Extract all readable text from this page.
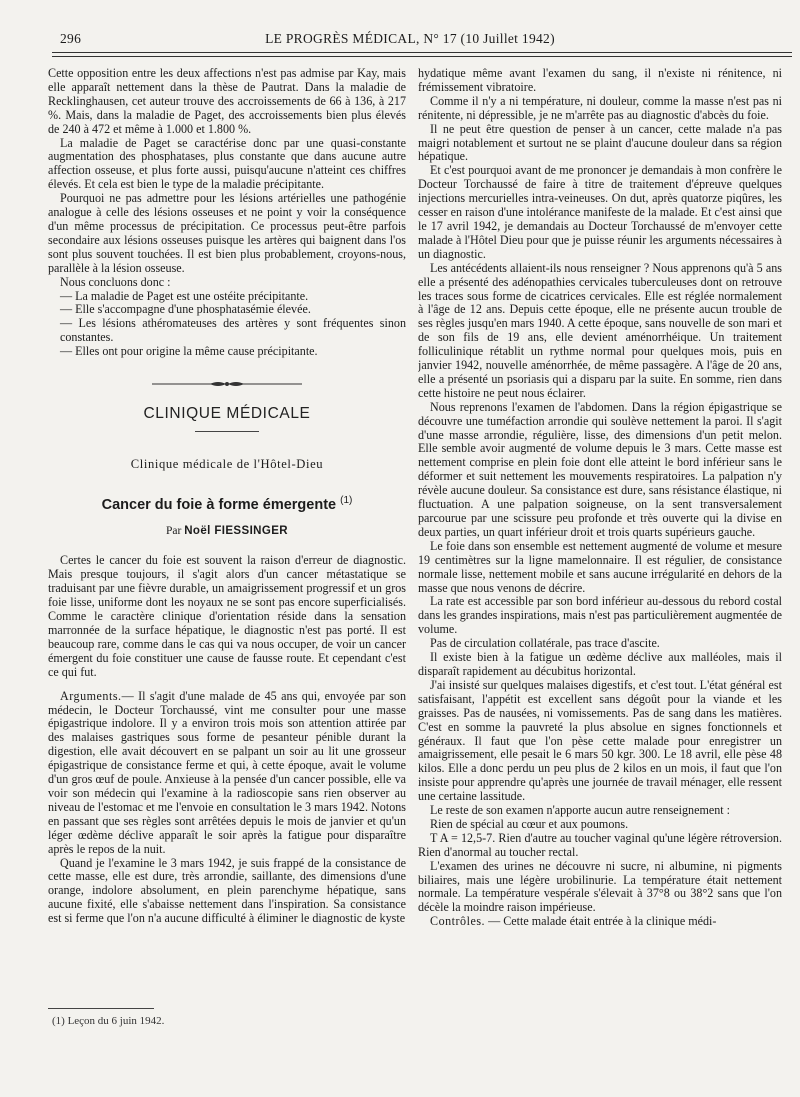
296	LE PROGRÈS MÉDICAL, N° 17 (10 Juillet 1942)

Cette opposition entre les deux affections n'est pas admise par Kay, mais elle apparaît nettement dans la thèse de Pautrat. Dans la maladie de Recklinghausen, cet auteur trouve des accroissements de 66 à 136, à 217 %. Mais, dans la maladie de Paget, des accroissements bien plus élevés de 240 à 472 et même à 1.000 et 1.800 %.

La maladie de Paget se caractérise donc par une quasi-constante augmentation des phosphatases, plus constante que dans aucune autre affection osseuse, et plus forte aussi, puisqu'aucune n'atteint ces chiffres élevés. Et cela est bien le type de la maladie précipitante.

Pourquoi ne pas admettre pour les lésions artérielles une pathogénie analogue à celle des lésions osseuses et ne point y voir la conséquence d'un même processus de précipitation. Ce processus peut-être parfois secondaire aux lésions osseuses puisque les artères qui baignent dans l'os sont plus souvent touchées. Il est bien plus probablement, croyons-nous, parallèle à la lésion osseuse.

Nous concluons donc :

— La maladie de Paget est une ostéite précipitante.

— Elle s'accompagne d'une phosphatasémie élevée.

— Les lésions athéromateuses des artères y sont fréquentes sinon constantes.

— Elles ont pour origine la même cause précipitante.

CLINIQUE MÉDICALE
Clinique médicale de l'Hôtel-Dieu
Cancer du foie à forme émergente $^{(1)}$
Par Noël FIESSINGER

Certes le cancer du foie est souvent la raison d'erreur de diagnostic. Mais presque toujours, il s'agit alors d'un cancer métastatique se traduisant par une fièvre durable, un amaigrissement progressif et un gros foie lisse, uniforme dont les noyaux ne se sont pas encore superficialisés. Comme le caractère clinique d'orientation réside dans la sensation marronnée de la surface hépatique, le diagnostic n'est pas porté. Il est beaucoup rare, comme dans le cas qui va nous occuper, de voir un cancer émergent du foie constituer une cause de fausse route. Et cependant c'est ce qui fut.

Arguments.— Il s'agit d'une malade de 45 ans qui, envoyée par son médecin, le Docteur Torchaussé, vint me consulter pour une masse épigastrique indolore. Il y a environ trois mois son attention attirée par des malaises gastriques sous forme de pesanteur pénible durant la digestion, elle avait découvert en se palpant un soir au lit une grosseur épigastrique de consistance ferme et qui, à cette époque, avait le volume d'un gros œuf de poule. Anxieuse à la pensée d'un cancer possible, elle va voir son médecin qui l'examine à la radioscopie sans rien observer au niveau de l'estomac et me l'envoie en consultation le 3 mars 1942. Notons en passant que ses règles sont arrêtées depuis le mois de janvier et qu'un léger œdème déclive apparaît le soir après la fatigue pour disparaître après le repos de la nuit.

Quand je l'examine le 3 mars 1942, je suis frappé de la consistance de cette masse, elle est dure, très arrondie, saillante, des dimensions d'une orange, indolore absolument, en plein parenchyme hépatique, sans aucune fixité, elle s'abaisse nettement dans l'inspiration. Sa consistance est si ferme que l'on n'a aucune difficulté à éliminer le diagnostic de kyste

hydatique même avant l'examen du sang, il n'existe ni rénitence, ni frémissement vibratoire.

Comme il n'y a ni température, ni douleur, comme la masse n'est pas ni rénitente, ni dépressible, je ne m'arrête pas au diagnostic d'abcès du foie.

Il ne peut être question de penser à un cancer, cette malade n'a pas maigri notablement et surtout ne se plaint d'aucune douleur dans sa région hépatique.

Et c'est pourquoi avant de me prononcer je demandais à mon confrère le Docteur Torchaussé de faire à titre de traitement d'épreuve quelques injections mercurielles intra-veineuses. On dut, après quatorze piqûres, les cesser en raison d'une intolérance manifeste de la malade. Et c'est ainsi que le 17 avril 1942, je demandais au Docteur Torchaussé de m'envoyer cette malade à l'Hôtel Dieu pour que je puisse réunir les arguments nécessaires à un diagnostic.

Les antécédents allaient-ils nous renseigner ? Nous apprenons qu'à 5 ans elle a présenté des adénopathies cervicales tuberculeuses dont on retrouve les traces sous forme de cicatrices cervicales. Elle est réglée normalement à l'âge de 12 ans. Depuis cette époque, elle ne présente aucun trouble de ses règles jusqu'en mars 1940. A cette époque, sans nouvelle de son mari et de son fils de 19 ans, elle devient aménorrhéique. Un traitement folliculinique rétablit un rythme normal pour quelques mois, puis en janvier 1942, nouvelle aménorrhée, de même passagère. A l'âge de 20 ans, elle a présenté un psoriasis qui a disparu par la suite. En somme, rien dans cette histoire ne peut nous éclairer.

Nous reprenons l'examen de l'abdomen. Dans la région épigastrique se découvre une tuméfaction arrondie qui soulève nettement la paroi. Il s'agit d'une masse arrondie, régulière, lisse, des dimensions d'un petit melon. Elle semble avoir augmenté de volume depuis le 3 mars. Cette masse est nettement comprise en plein foie dont elle atteint le bord inférieur sans le déformer et suit nettement les mouvements respiratoires. La palpation n'y révèle aucune douleur. Sa consistance est dure, sans résistance élastique, ni fluctuation. A une palpation soigneuse, on la sent transversalement parcourue par une scissure peu profonde et très ouverte qui la divise en deux parties, un quart inférieur droit et trois quarts supérieurs gauche.

Le foie dans son ensemble est nettement augmenté de volume et mesure 19 centimètres sur la ligne mamelonnaire. Il est régulier, de consistance normale lisse, nettement mobile et sans aucune irrégularité en dehors de la masse que nous venons de décrire.

La rate est accessible par son bord inférieur au-dessous du rebord costal dans les grandes inspirations, mais n'est pas particulièrement augmentée de volume.

Pas de circulation collatérale, pas trace d'ascite.

Il existe bien à la fatigue un œdème déclive aux malléoles, mais il disparaît rapidement au décubitus horizontal.

J'ai insisté sur quelques malaises digestifs, et c'est tout. L'état général est satisfaisant, l'appétit est excellent sans dégoût pour la viande et les graisses. Pas de nausées, ni vomissements. Pas de sang dans les matières. C'est en somme la pauvreté la plus absolue en signes fonctionnels et généraux. Il faut que l'on pèse cette malade pour enregistrer un amaigrissement, elle pesait le 6 mars 50 kgr. 300. Le 18 avril, elle pèse 48 kilos. Elle a donc perdu un peu plus de 2 kilos en un mois, il faut que l'on insiste pour apprendre qu'après une journée de travail ménager, elle ressent une certaine lassitude.

Le reste de son examen n'apporte aucun autre renseignement :

Rien de spécial au cœur et aux poumons.

T A = 12,5-7. Rien d'autre au toucher vaginal qu'une légère rétroversion. Rien d'anormal au toucher rectal.

L'examen des urines ne découvre ni sucre, ni albumine, ni pigments biliaires, mais une légère urobilinurie. La température était nettement normale. La température vespérale s'élevait à 37°8 ou 38°2 sans que l'on décèle la moindre raison impérieuse.

Contrôles. — Cette malade était entrée à la clinique médi-

(1) Leçon du 6 juin 1942.
